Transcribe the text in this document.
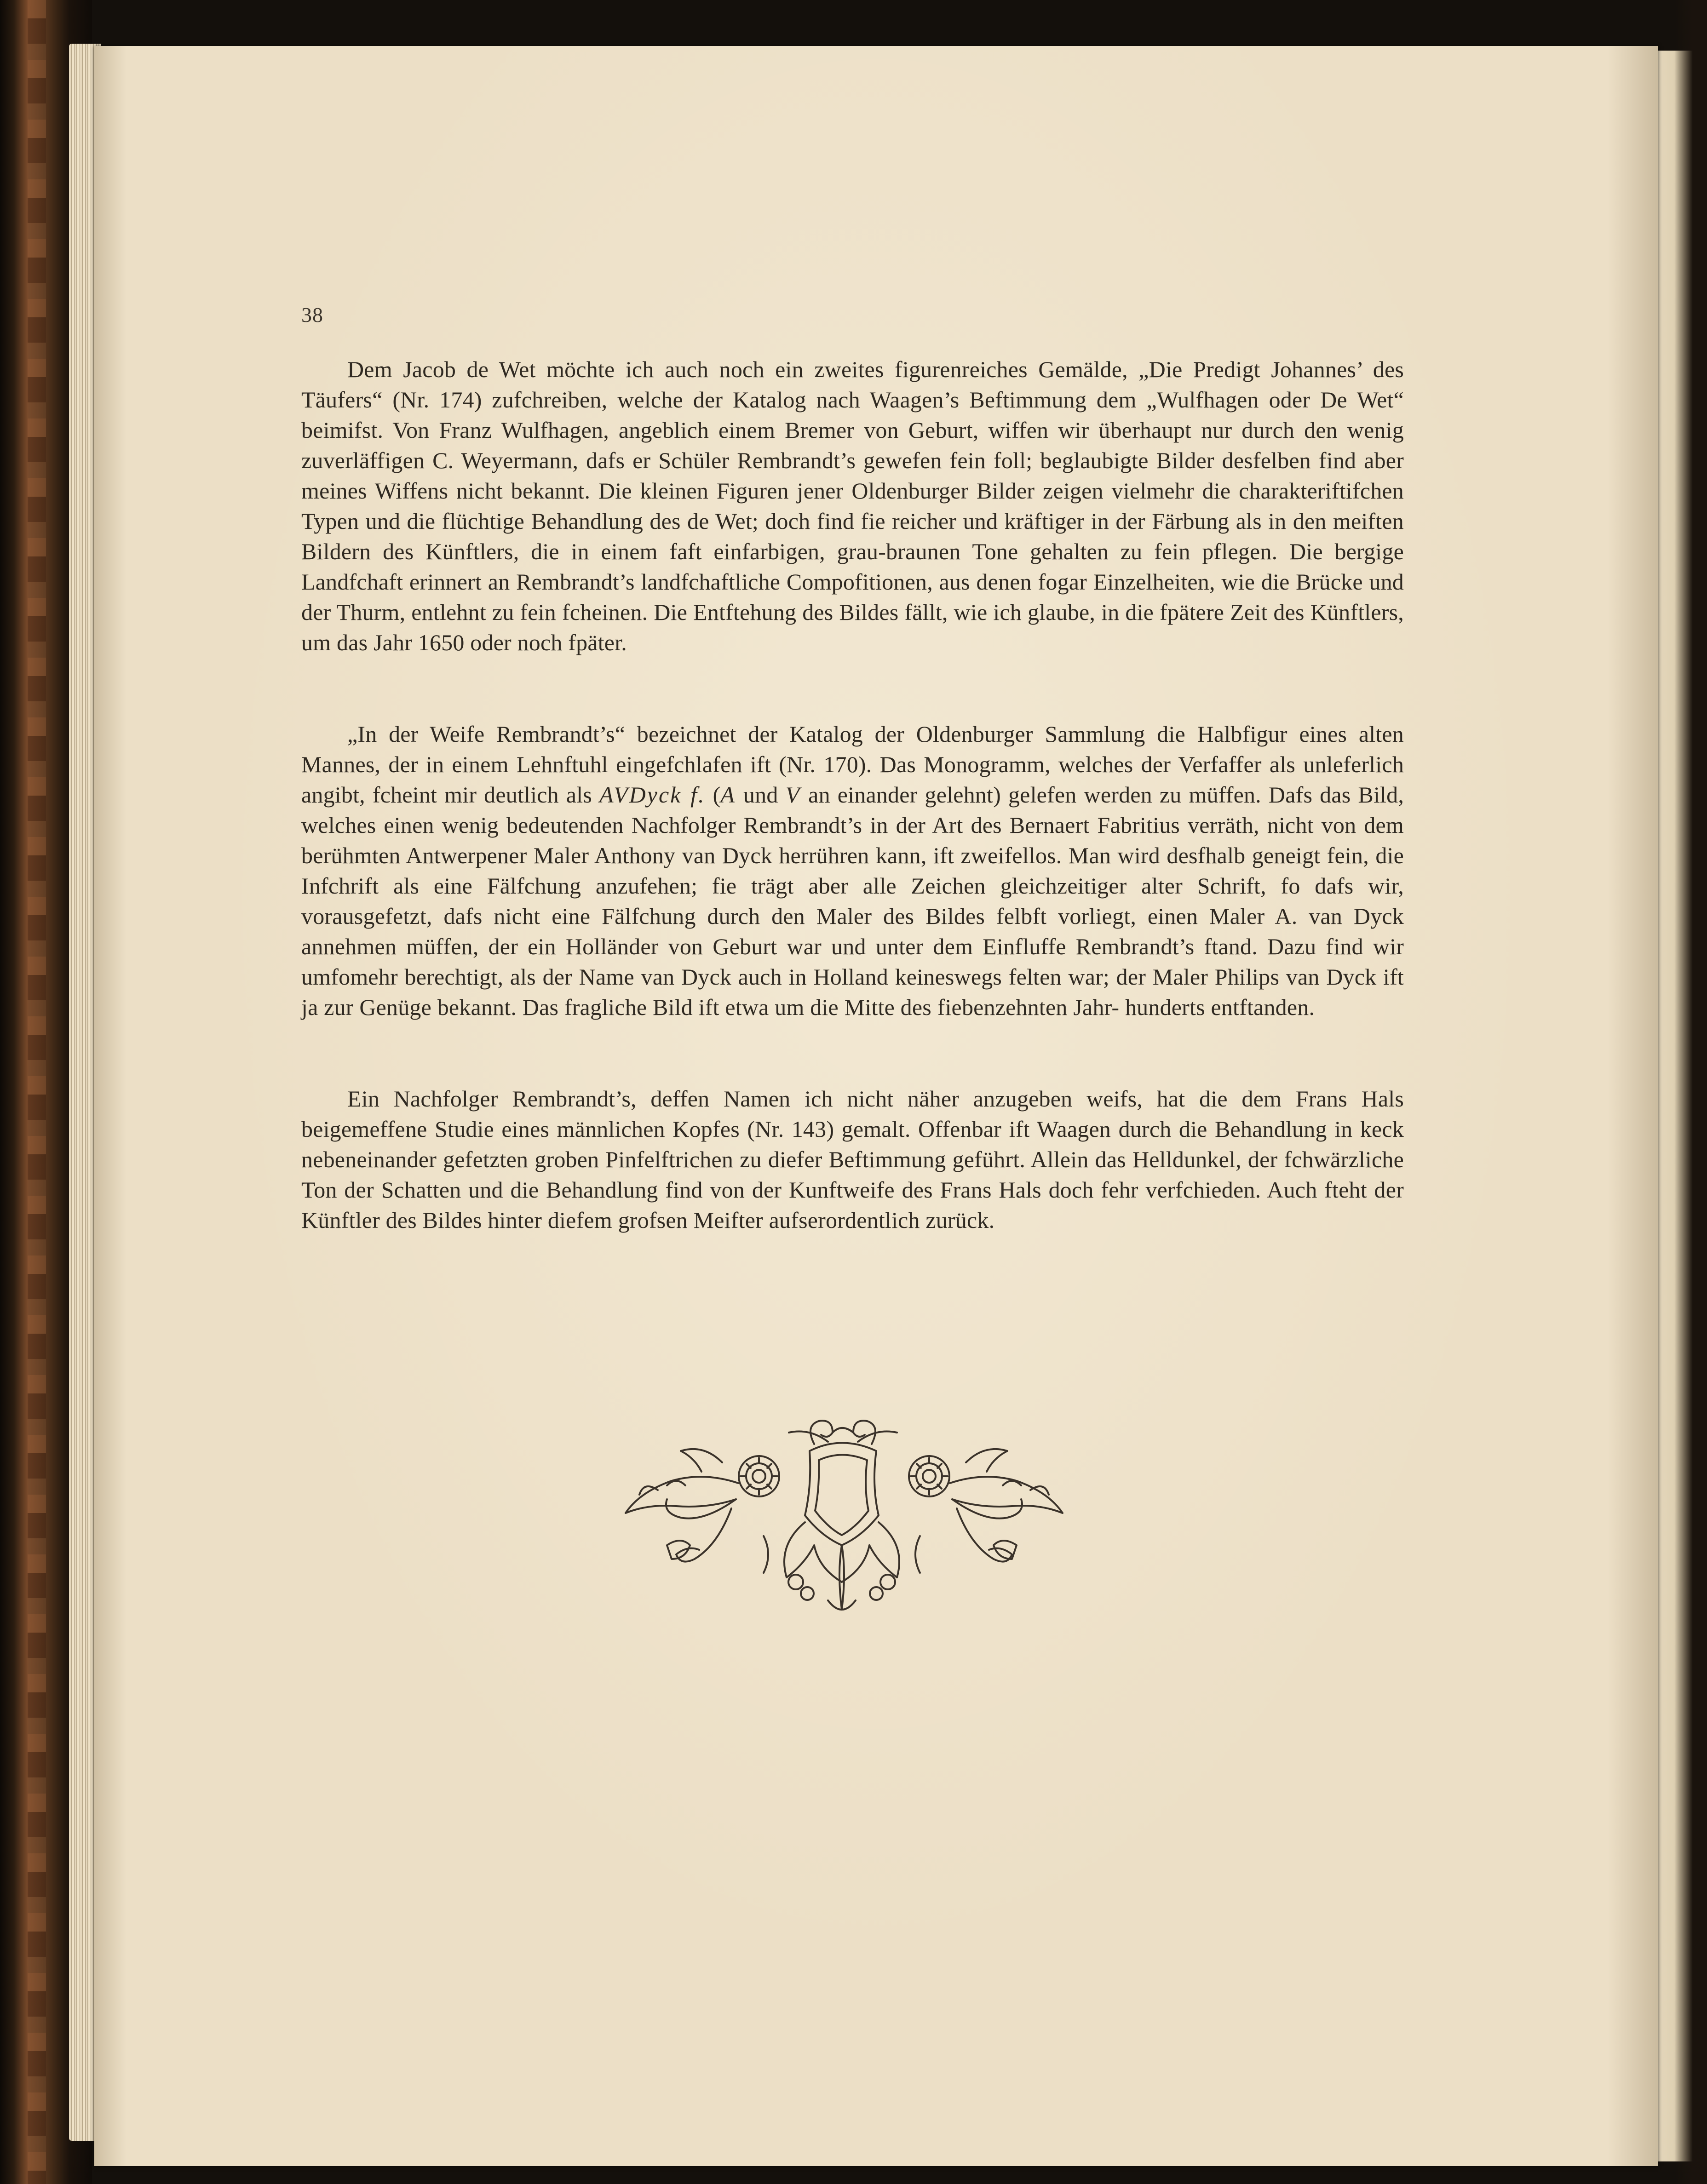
38

Dem Jacob de Wet möchte ich auch noch ein zweites figurenreiches Gemälde, „Die Predigt Johannes’ des Täufers“ (Nr. 174) zufchreiben, welche der Katalog nach Waagen’s Beftimmung dem „Wulfhagen oder De Wet“ beimifst. Von Franz Wulfhagen, angeblich einem Bremer von Geburt, wiffen wir überhaupt nur durch den wenig zuverläffigen C. Weyermann, dafs er Schüler Rembrandt’s gewefen fein foll; beglaubigte Bilder desfelben find aber meines Wiffens nicht bekannt. Die kleinen Figuren jener Oldenburger Bilder zeigen vielmehr die charakteriftifchen Typen und die flüchtige Behandlung des de Wet; doch find fie reicher und kräftiger in der Färbung als in den meiften Bildern des Künftlers, die in einem faft einfarbigen, grau-braunen Tone gehalten zu fein pflegen. Die bergige Landfchaft erinnert an Rembrandt’s landfchaftliche Compofitionen, aus denen fogar Einzelheiten, wie die Brücke und der Thurm, entlehnt zu fein fcheinen. Die Entftehung des Bildes fällt, wie ich glaube, in die fpätere Zeit des Künftlers, um das Jahr 1650 oder noch fpäter.

„In der Weife Rembrandt’s“ bezeichnet der Katalog der Oldenburger Sammlung die Halbfigur eines alten Mannes, der in einem Lehnftuhl eingefchlafen ift (Nr. 170). Das Monogramm, welches der Verfaffer als unleferlich angibt, fcheint mir deutlich als AVDyck f. (A und V an einander gelehnt) gelefen werden zu müffen. Dafs das Bild, welches einen wenig bedeutenden Nachfolger Rembrandt’s in der Art des Bernaert Fabritius verräth, nicht von dem berühmten Antwerpener Maler Anthony van Dyck herrühren kann, ift zweifellos. Man wird desfhalb geneigt fein, die Infchrift als eine Fälfchung anzufehen; fie trägt aber alle Zeichen gleichzeitiger alter Schrift, fo dafs wir, vorausgefetzt, dafs nicht eine Fälfchung durch den Maler des Bildes felbft vorliegt, einen Maler A. van Dyck annehmen müffen, der ein Holländer von Geburt war und unter dem Einfluffe Rembrandt’s ftand. Dazu find wir umfomehr berechtigt, als der Name van Dyck auch in Holland keineswegs felten war; der Maler Philips van Dyck ift ja zur Genüge bekannt. Das fragliche Bild ift etwa um die Mitte des fiebenzehnten Jahr- hunderts entftanden.

Ein Nachfolger Rembrandt’s, deffen Namen ich nicht näher anzugeben weifs, hat die dem Frans Hals beigemeffene Studie eines männlichen Kopfes (Nr. 143) gemalt. Offenbar ift Waagen durch die Behandlung in keck nebeneinander gefetzten groben Pinfelftrichen zu diefer Beftimmung geführt. Allein das Helldunkel, der fchwärzliche Ton der Schatten und die Behandlung find von der Kunftweife des Frans Hals doch fehr verfchieden. Auch fteht der Künftler des Bildes hinter diefem grofsen Meifter aufserordentlich zurück.
